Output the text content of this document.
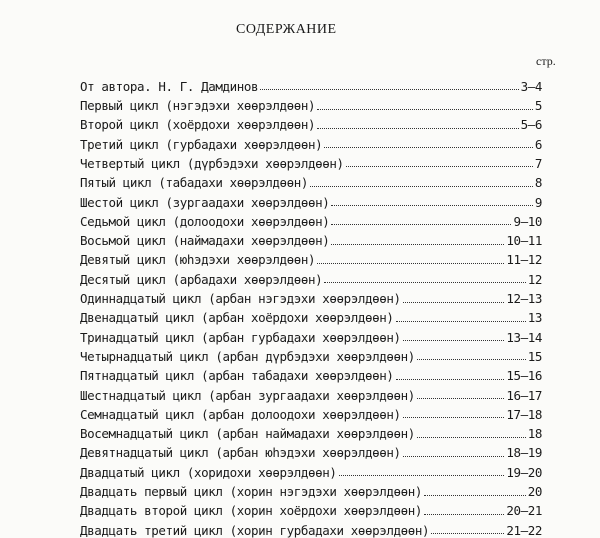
СОДЕРЖАНИЕ
стр.
От автора. Н. Г. Дамдинов	3—4
Первый цикл (нэгэдэхи хөөрэлдөөн)	5
Второй цикл (хоёрдохи хөөрэлдөөн)	5—6
Третий цикл (гурбадахи хөөрэлдөөн)	6
Четвертый цикл (дүрбэдэхи хөөрэлдөөн)	7
Пятый цикл (табадахи хөөрэлдөөн)	8
Шестой цикл (зургаадахи хөөрэлдөөн)	9
Седьмой цикл (долоодохи хөөрэлдөөн)	9—10
Восьмой цикл (наймадахи хөөрэлдөөн)	10—11
Девятый цикл (юһэдэхи хөөрэлдөөн)	11—12
Десятый цикл (арбадахи хөөрэлдөөн)	12
Одиннадцатый цикл (арбан нэгэдэхи хөөрэлдөөн)	12—13
Двенадцатый цикл (арбан хоёрдохи хөөрэлдөөн)	13
Тринадцатый цикл (арбан гурбадахи хөөрэлдөөн)	13—14
Четырнадцатый цикл (арбан дүрбэдэхи хөөрэлдөөн)	15
Пятнадцатый цикл (арбан табадахи хөөрэлдөөн)	15—16
Шестнадцатый цикл (арбан зургаадахи хөөрэлдөөн)	16—17
Семнадцатый цикл (арбан долоодохи хөөрэлдөөн)	17—18
Восемнадцатый цикл (арбан наймадахи хөөрэлдөөн)	18
Девятнадцатый цикл (арбан юһэдэхи хөөрэлдөөн)	18—19
Двадцатый цикл (хоридохи хөөрэлдөөн)	19—20
Двадцать первый цикл (хорин нэгэдэхи хөөрэлдөөн)	20
Двадцать второй цикл (хорин хоёрдохи хөөрэлдөөн)	20—21
Двадцать третий цикл (хорин гурбадахи хөөрэлдөөн)	21—22
